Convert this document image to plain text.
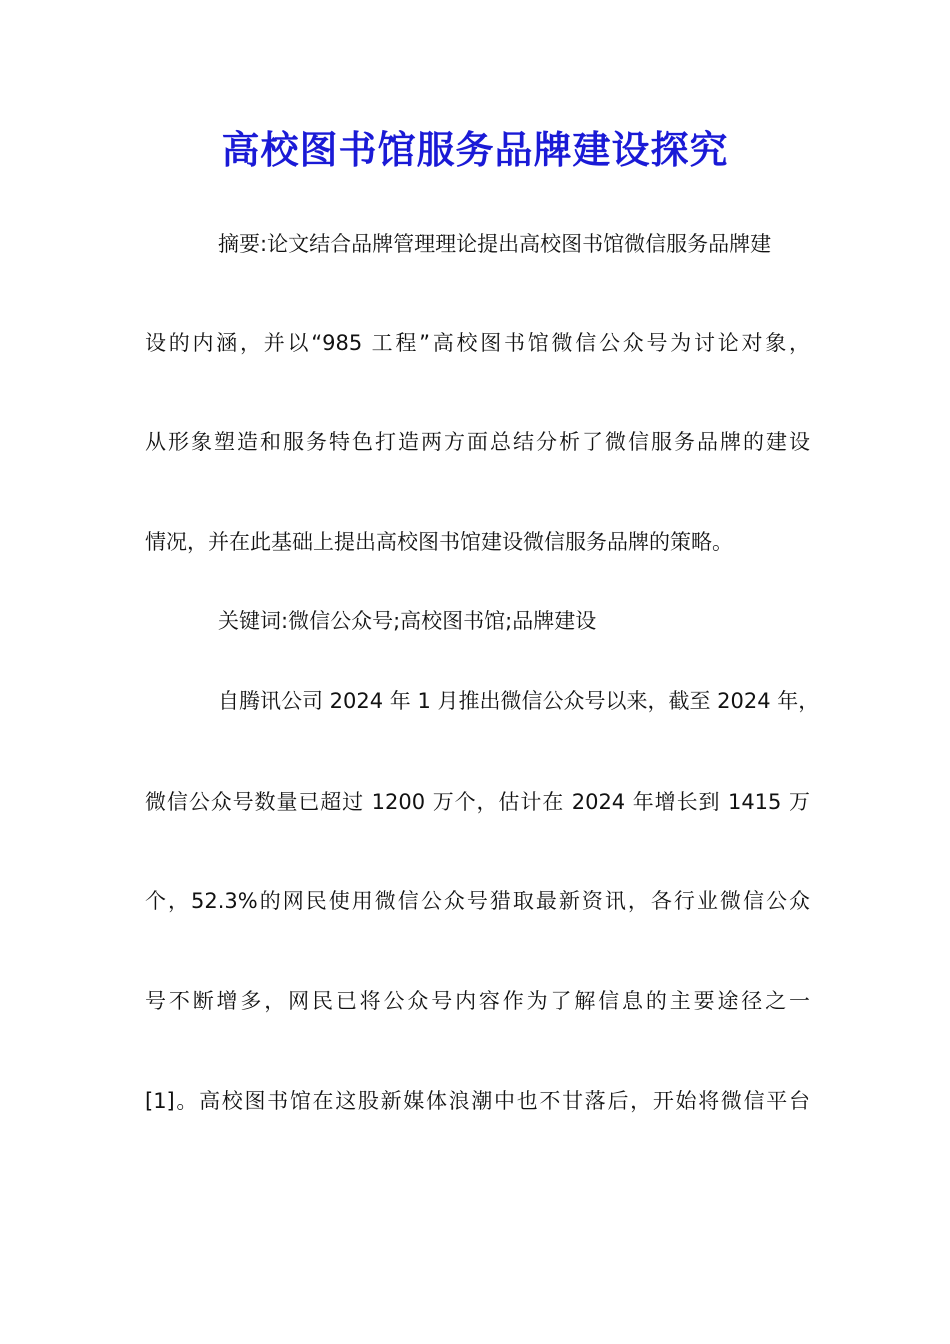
高校图书馆服务品牌建设探究

摘要:论文结合品牌管理理论提出高校图书馆微信服务品牌建

设的内涵，并以“985 工程”高校图书馆微信公众号为讨论对象，

从形象塑造和服务特色打造两方面总结分析了微信服务品牌的建设

情况，并在此基础上提出高校图书馆建设微信服务品牌的策略。

关键词:微信公众号;高校图书馆;品牌建设

自腾讯公司 2024 年 1 月推出微信公众号以来，截至 2024 年，

微信公众号数量已超过 1200 万个，估计在 2024 年增长到 1415 万

个，52.3%的网民使用微信公众号猎取最新资讯，各行业微信公众

号不断增多，网民已将公众号内容作为了解信息的主要途径之一

[1]。高校图书馆在这股新媒体浪潮中也不甘落后，开始将微信平台
